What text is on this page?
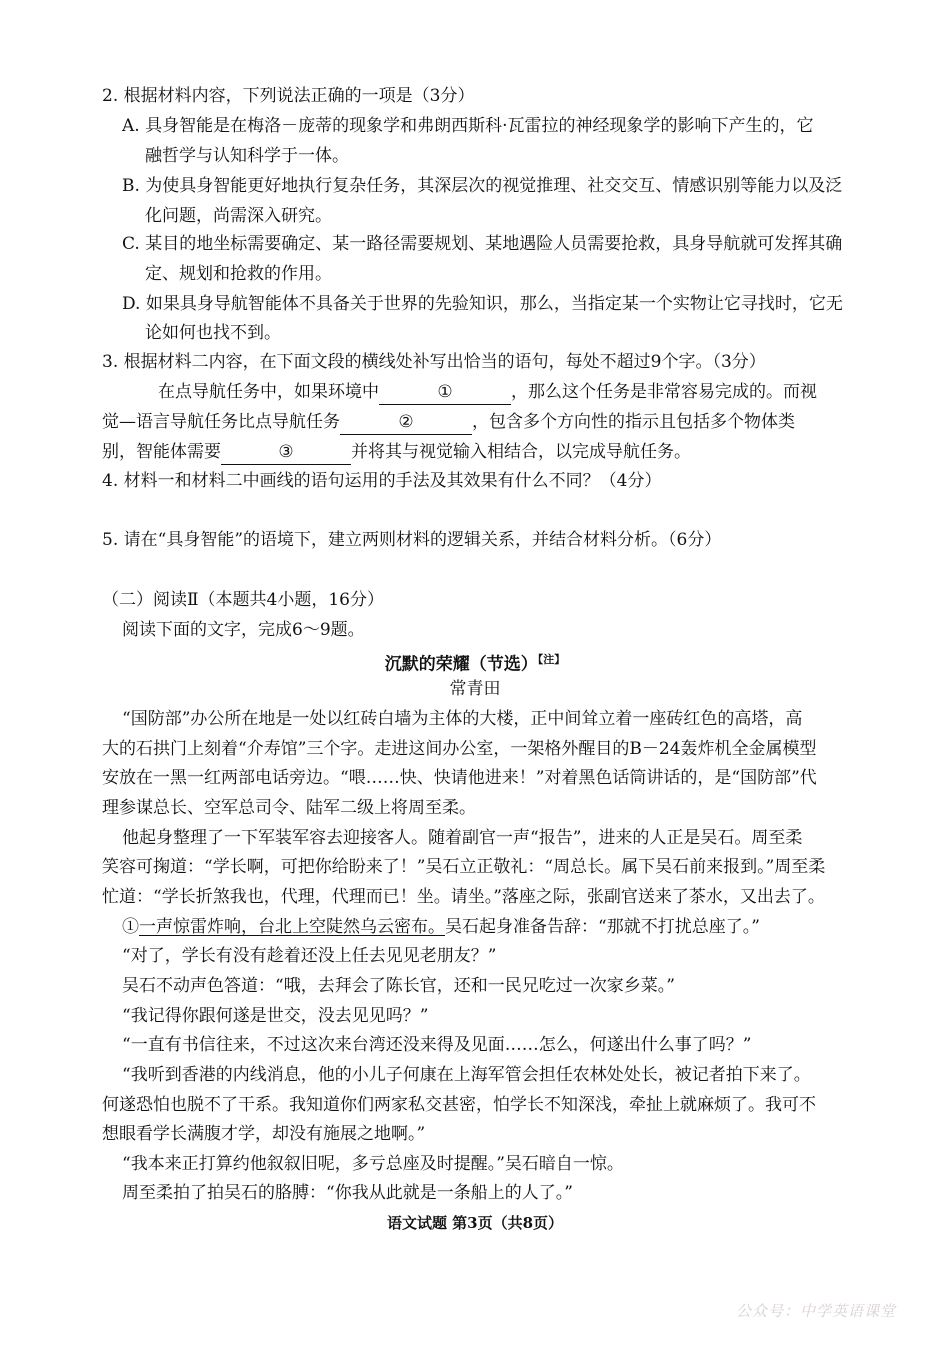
2. 根据材料内容，下列说法正确的一项是（3分）
A. 具身智能是在梅洛－庞蒂的现象学和弗朗西斯科·瓦雷拉的神经现象学的影响下产生的，它
融哲学与认知科学于一体。
B. 为使具身智能更好地执行复杂任务，其深层次的视觉推理、社交交互、情感识别等能力以及泛
化问题，尚需深入研究。
C. 某目的地坐标需要确定、某一路径需要规划、某地遇险人员需要抢救，具身导航就可发挥其确
定、规划和抢救的作用。
D. 如果具身导航智能体不具备关于世界的先验知识，那么，当指定某一个实物让它寻找时，它无
论如何也找不到。
3. 根据材料二内容，在下面文段的横线处补写出恰当的语句，每处不超过9个字。（3分）
在点导航任务中，如果环境中	①	，那么这个任务是非常容易完成的。而视
觉—语言导航任务比点导航任务	②	，包含多个方向性的指示且包括多个物体类
别，智能体需要	③	并将其与视觉输入相结合，以完成导航任务。
4. 材料一和材料二中画线的语句运用的手法及其效果有什么不同？（4分）
5. 请在“具身智能”的语境下，建立两则材料的逻辑关系，并结合材料分析。（6分）
（二）阅读Ⅱ（本题共4小题，16分）
阅读下面的文字，完成6～9题。
沉默的荣耀（节选）$^{【注】}$
常青田
“国防部”办公所在地是一处以红砖白墙为主体的大楼，正中间耸立着一座砖红色的高塔，高
大的石拱门上刻着“介寿馆”三个字。走进这间办公室，一架格外醒目的B－24轰炸机全金属模型
安放在一黑一红两部电话旁边。“喂……快、快请他进来！”对着黑色话筒讲话的，是“国防部”代
理参谋总长、空军总司令、陆军二级上将周至柔。
他起身整理了一下军装军容去迎接客人。随着副官一声“报告”，进来的人正是吴石。周至柔
笑容可掬道：“学长啊，可把你给盼来了！”吴石立正敬礼：“周总长。属下吴石前来报到。”周至柔
忙道：“学长折煞我也，代理，代理而已！坐。请坐。”落座之际，张副官送来了茶水，又出去了。
①一声惊雷炸响，台北上空陡然乌云密布。吴石起身准备告辞：“那就不打扰总座了。”
“对了，学长有没有趁着还没上任去见见老朋友？”
吴石不动声色答道：“哦，去拜会了陈长官，还和一民兄吃过一次家乡菜。”
“我记得你跟何遂是世交，没去见见吗？”
“一直有书信往来，不过这次来台湾还没来得及见面……怎么，何遂出什么事了吗？”
“我听到香港的内线消息，他的小儿子何康在上海军管会担任农林处处长，被记者拍下来了。
何遂恐怕也脱不了干系。我知道你们两家私交甚密，怕学长不知深浅，牵扯上就麻烦了。我可不
想眼看学长满腹才学，却没有施展之地啊。”
“我本来正打算约他叙叙旧呢，多亏总座及时提醒。”吴石暗自一惊。
周至柔拍了拍吴石的胳膊：“你我从此就是一条船上的人了。”
语文试题 第3页（共8页）
公众号：中学英语课堂
